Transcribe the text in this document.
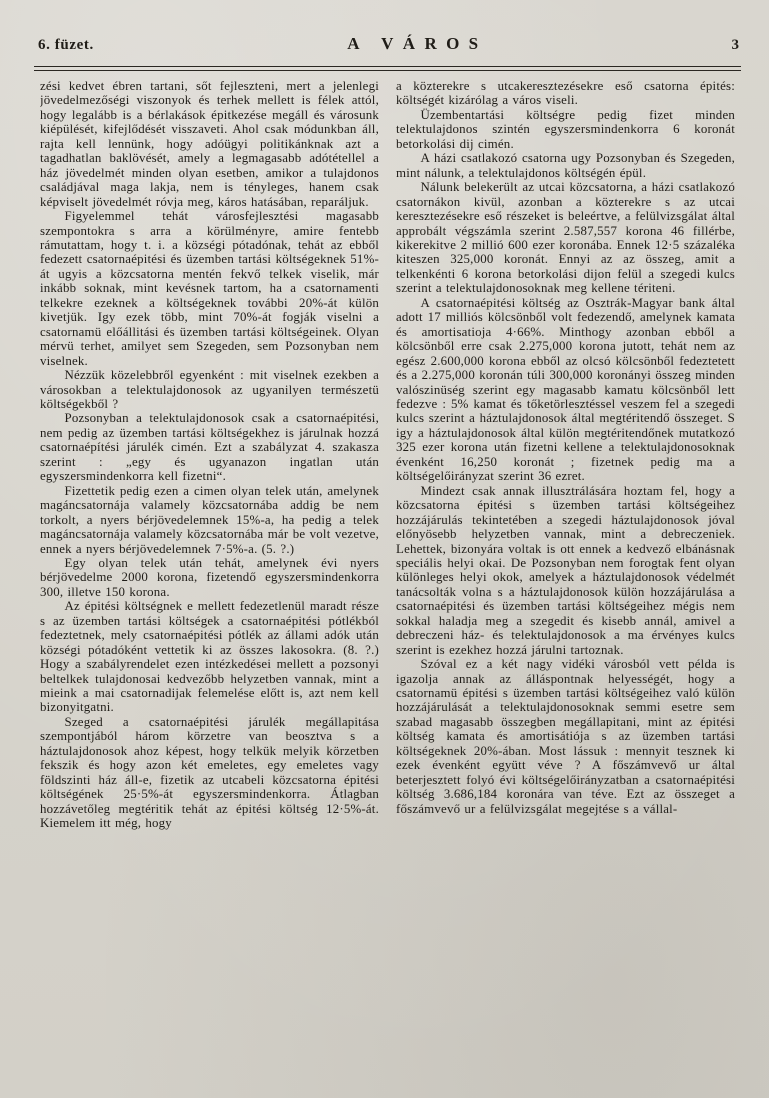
6. füzet.	A VÁROS	3

zési kedvet ébren tartani, sőt fejleszteni, mert a jelenlegi jövedelmezőségi viszonyok és terhek mellett is félek attól, hogy legalább is a bérlakások épitkezése megáll és városunk kiépülését, kifejlődését visszaveti. Ahol csak módunkban áll, rajta kell lennünk, hogy adóügyi politikánknak azt a tagadhatlan baklövését, amely a legmagasabb adótétellel a ház jövedelmét minden olyan esetben, amikor a tulajdonos családjával maga lakja, nem is tényleges, hanem csak képviselt jövedelmét róvja meg, káros hatásában, reparáljuk.

Figyelemmel tehát városfejlesztési magasabb szempontokra s arra a körülményre, amire fentebb rámutattam, hogy t. i. a községi pótadónak, tehát az ebből fedezett csatornaépitési és üzemben tartási költségeknek 51%-át ugyis a közcsatorna mentén fekvő telkek viselik, már inkább soknak, mint kevésnek tartom, ha a csatornamenti telkekre ezeknek a költségeknek további 20%-át külön kivetjük. Igy ezek több, mint 70%-át fogják viselni a csatornamü előállitási és üzemben tartási költségeinek. Olyan mérvü terhet, amilyet sem Szegeden, sem Pozsonyban nem viselnek.

Nézzük közelebbről egyenként : mit viselnek ezekben a városokban a telektulajdonosok az ugyanilyen természetü költségekből ?

Pozsonyban a telektulajdonosok csak a csatornaépitési, nem pedig az üzemben tartási költségekhez is járulnak hozzá csatornaépítési járulék cimén. Ezt a szabályzat 4. szakasza szerint : „egy és ugyanazon ingatlan után egyszersmindenkorra kell fizetni“.

Fizettetik pedig ezen a cimen olyan telek után, amelynek magáncsatornája valamely közcsatornába addig be nem torkolt, a nyers bérjövedelemnek 15%-a, ha pedig a telek magáncsatornája valamely közcsatornába már be volt vezetve, ennek a nyers bérjövedelemnek 7·5%-a. (5. ?.)

Egy olyan telek után tehát, amelynek évi nyers bérjövedelme 2000 korona, fizetendő egyszersmindenkorra 300, illetve 150 korona.

Az épitési költségnek e mellett fedezetlenül maradt része s az üzemben tartási költségek a csatornaépitési pótlékból fedeztetnek, mely csatornaépitési pótlék az állami adók után községi pótadóként vettetik ki az összes lakosokra. (8. ?.) Hogy a szabályrendelet ezen intézkedései mellett a pozsonyi beltelkek tulajdonosai kedvezőbb helyzetben vannak, mint a mieink a mai csatornadijak felemelése előtt is, azt nem kell bizonyitgatni.

Szeged a csatornaépitési járulék megállapitása szempontjából három körzetre van beosztva s a háztulajdonosok ahoz képest, hogy telkük melyik körzetben fekszik és hogy azon két emeletes, egy emeletes vagy földszinti ház áll-e, fizetik az utcabeli közcsatorna épitési költségének 25·5%-át egyszersmindenkorra. Átlagban hozzávetőleg megtéritik tehát az épitési költség 12·5%-át. Kiemelem itt még, hogy

a közterekre s utcakeresztezésekre eső csatorna épités: költségét kizárólag a város viseli.

Üzembentartási költségre pedig fizet minden telektulajdonos szintén egyszersmindenkorra 6 koronát betorkolási dij cimén.

A házi csatlakozó csatorna ugy Pozsonyban és Szegeden, mint nálunk, a telektulajdonos költségén épül.

Nálunk belekerült az utcai közcsatorna, a házi csatlakozó csatornákon kivül, azonban a közterekre s az utcai keresztezésekre eső részeket is beleértve, a felülvizsgálat által approbált végszámla szerint 2.587,557 korona 46 fillérbe, kikerekitve 2 millió 600 ezer koronába. Ennek 12·5 százaléka kiteszen 325,000 koronát. Ennyi az az összeg, amit a telkenkénti 6 korona betorkolási dijon felül a szegedi kulcs szerint a telektulajdonosoknak meg kellene tériteni.

A csatornaépitési költség az Osztrák-Magyar bank által adott 17 milliós kölcsönből volt fedezendő, amelynek kamata és amortisatioja 4·66%. Minthogy azonban ebből a kölcsönből erre csak 2.275,000 korona jutott, tehát nem az egész 2.600,000 korona ebből az olcsó kölcsönből fedeztetett és a 2.275,000 koronán túli 300,000 koronányi összeg minden valószinüség szerint egy magasabb kamatu kölcsönből lett fedezve : 5% kamat és tőketörlesztéssel veszem fel a szegedi kulcs szerint a háztulajdonosok által megtéritendő összeget. S igy a háztulajdonosok által külön megtéritendőnek mutatkozó 325 ezer korona után fizetni kellene a telektulajdonosoknak évenként 16,250 koronát ; fizetnek pedig ma a költségelőirányzat szerint 36 ezret.

Mindezt csak annak illusztrálására hoztam fel, hogy a közcsatorna épitési s üzemben tartási költségeihez hozzájárulás tekintetében a szegedi háztulajdonosok jóval előnyösebb helyzetben vannak, mint a debreczeniek. Lehettek, bizonyára voltak is ott ennek a kedvező elbánásnak speciális helyi okai. De Pozsonyban nem forogtak fent olyan különleges helyi okok, amelyek a háztulajdonosok védelmét tanácsolták volna s a háztulajdonosok külön hozzájárulása a csatornaépitési és üzemben tartási költségeihez mégis nem sokkal haladja meg a szegedit és kisebb annál, amivel a debreczeni ház- és telektulajdonosok a ma érvényes kulcs szerint is ezekhez hozzá járulni tartoznak.

Szóval ez a két nagy vidéki városból vett példa is igazolja annak az álláspontnak helyességét, hogy a csatornamü épitési s üzemben tartási költségeihez való külön hozzájárulását a telektulajdonosoknak semmi esetre sem szabad magasabb összegben megállapitani, mint az épitési költség kamata és amortisátiója s az üzemben tartási költségeknek 20%-ában. Most lássuk : mennyit tesznek ki ezek évenként együtt véve ? A főszámvevő ur által beterjesztett folyó évi költségelőirányzatban a csatornaépitési költség 3.686,184 koronára van téve. Ezt az összeget a főszámvevő ur a felülvizsgálat megejtése s a vállal-
